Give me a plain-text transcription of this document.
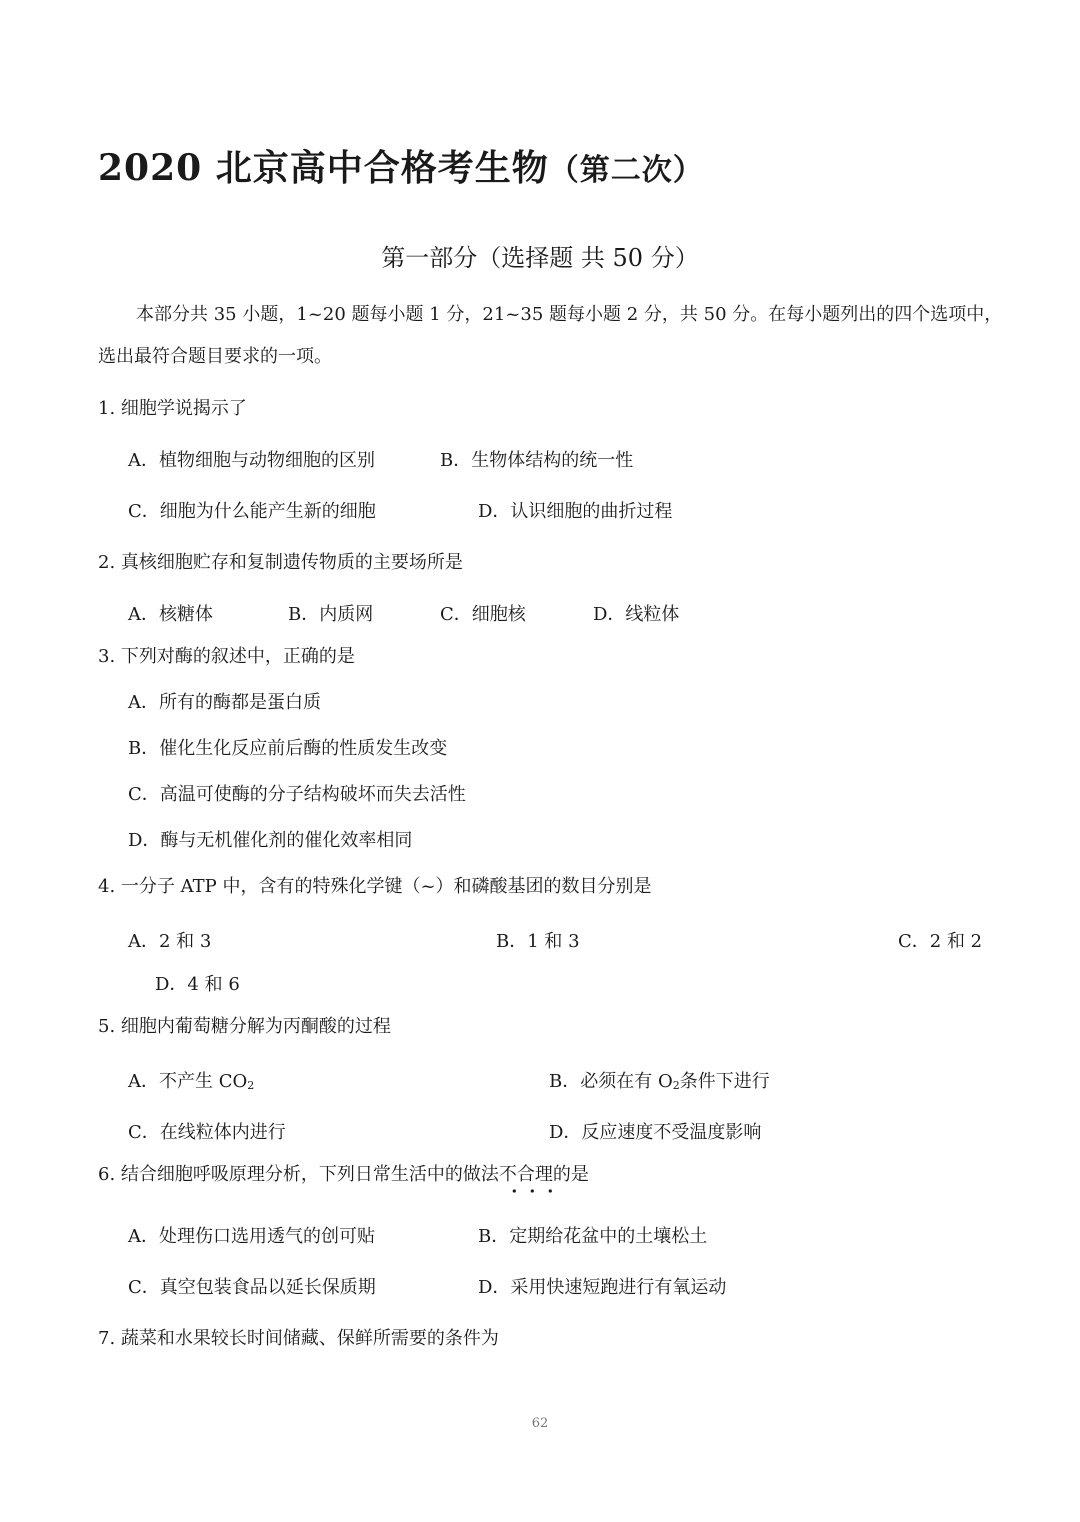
2020 北京高中合格考生物（第二次）
第一部分（选择题 共 50 分）
本部分共 35 小题，1~20 题每小题 1 分，21~35 题每小题 2 分，共 50 分。在每小题列出的四个选项中，
选出最符合题目要求的一项。
1. 细胞学说揭示了
A．植物细胞与动物细胞的区别	B．生物体结构的统一性
C．细胞为什么能产生新的细胞	D．认识细胞的曲折过程
2. 真核细胞贮存和复制遗传物质的主要场所是
A．核糖体	B．内质网	C．细胞核	D．线粒体
3. 下列对酶的叙述中，正确的是
A．所有的酶都是蛋白质
B．催化生化反应前后酶的性质发生改变
C．高温可使酶的分子结构破坏而失去活性
D．酶与无机催化剂的催化效率相同
4. 一分子 ATP 中，含有的特殊化学键（~）和磷酸基团的数目分别是
A．2 和 3	B．1 和 3	C．2 和 2
D．4 和 6
5. 细胞内葡萄糖分解为丙酮酸的过程
A．不产生 CO2	B．必须在有 O2条件下进行
C．在线粒体内进行	D．反应速度不受温度影响
6. 结合细胞呼吸原理分析，下列日常生活中的做法不合理的是
A．处理伤口选用透气的创可贴	B．定期给花盆中的土壤松土
C．真空包装食品以延长保质期	D．采用快速短跑进行有氧运动
7. 蔬菜和水果较长时间储藏、保鲜所需要的条件为
62
